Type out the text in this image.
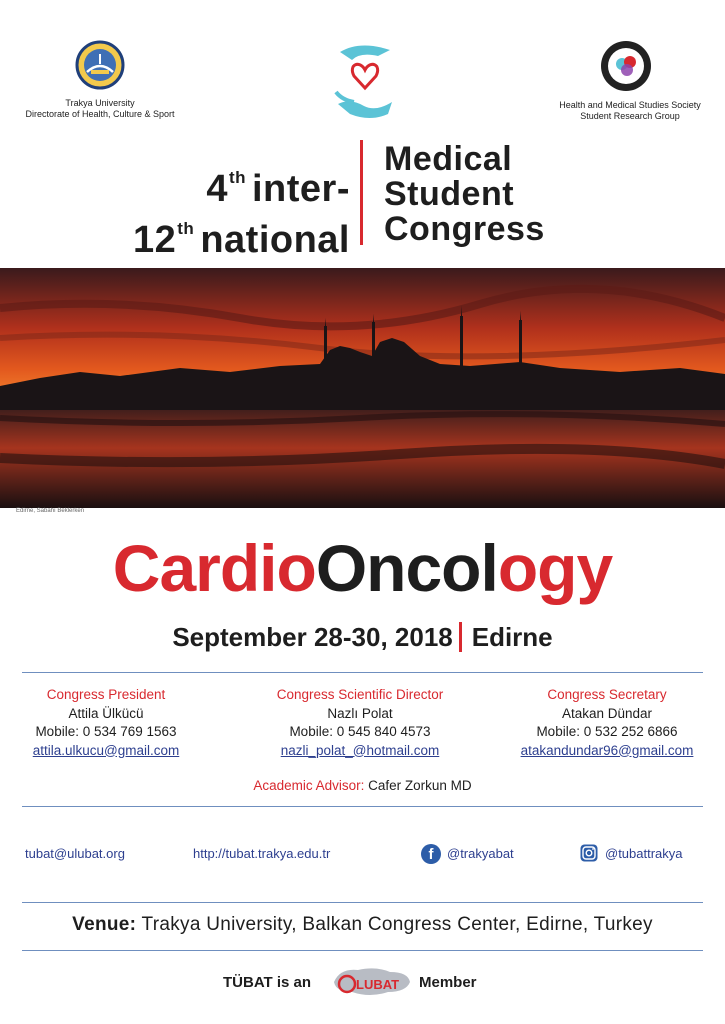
Trakya University
Directorate of Health, Culture & Sport
Health and Medical Studies Society
Student Research Group
4th inter-
12th national
Medical
Student
Congress
Edirne, Sabahı Beklerken
CardioOncology
September 28-30, 2018 Edirne
Congress President
Attila Ülkücü
Mobile: 0 534 769 1563
attila.ulkucu@gmail.com
Congress Scientific Director
Nazlı Polat
Mobile: 0 545 840 4573
nazli_polat_@hotmail.com
Congress Secretary
Atakan Dündar
Mobile: 0 532 252 6866
atakandundar96@gmail.com
Academic Advisor: Cafer Zorkun MD
tubat@ulubat.org	http://tubat.trakya.edu.tr	f	@trakyabat	@tubattrakya
Venue: Trakya University, Balkan Congress Center, Edirne, Turkey
TÜBAT is an	LUBAT Member
